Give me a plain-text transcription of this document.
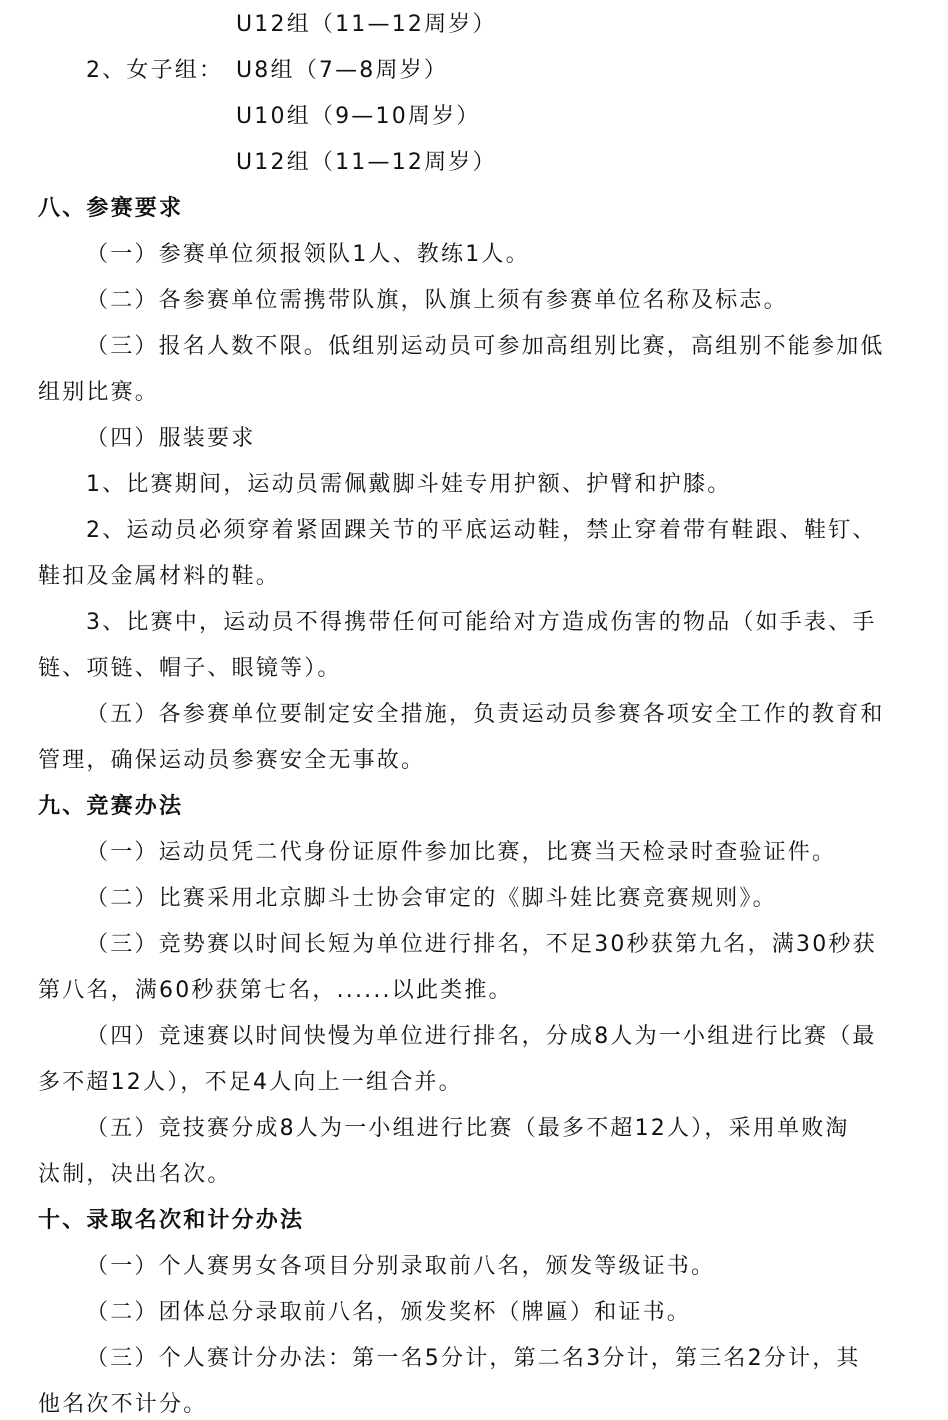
U12组（11—12周岁）
2、女子组： U8组（7—8周岁）
U10组（9—10周岁）
U12组（11—12周岁）
八、参赛要求
（一）参赛单位须报领队1人、教练1人。
（二）各参赛单位需携带队旗，队旗上须有参赛单位名称及标志。
（三）报名人数不限。低组别运动员可参加高组别比赛，高组别不能参加低
组别比赛。
（四）服装要求
1、比赛期间，运动员需佩戴脚斗娃专用护额、护臂和护膝。
2、运动员必须穿着紧固踝关节的平底运动鞋，禁止穿着带有鞋跟、鞋钉、
鞋扣及金属材料的鞋。
3、比赛中，运动员不得携带任何可能给对方造成伤害的物品（如手表、手
链、项链、帽子、眼镜等）。
（五）各参赛单位要制定安全措施，负责运动员参赛各项安全工作的教育和
管理，确保运动员参赛安全无事故。
九、竞赛办法
（一）运动员凭二代身份证原件参加比赛，比赛当天检录时查验证件。
（二）比赛采用北京脚斗士协会审定的《脚斗娃比赛竞赛规则》。
（三）竞势赛以时间长短为单位进行排名，不足30秒获第九名，满30秒获
第八名，满60秒获第七名，......以此类推。
（四）竞速赛以时间快慢为单位进行排名，分成8人为一小组进行比赛（最
多不超12人），不足4人向上一组合并。
（五）竞技赛分成8人为一小组进行比赛（最多不超12人），采用单败淘
汰制，决出名次。
十、录取名次和计分办法
（一）个人赛男女各项目分别录取前八名，颁发等级证书。
（二）团体总分录取前八名，颁发奖杯（牌匾）和证书。
（三）个人赛计分办法：第一名5分计，第二名3分计，第三名2分计，其
他名次不计分。
